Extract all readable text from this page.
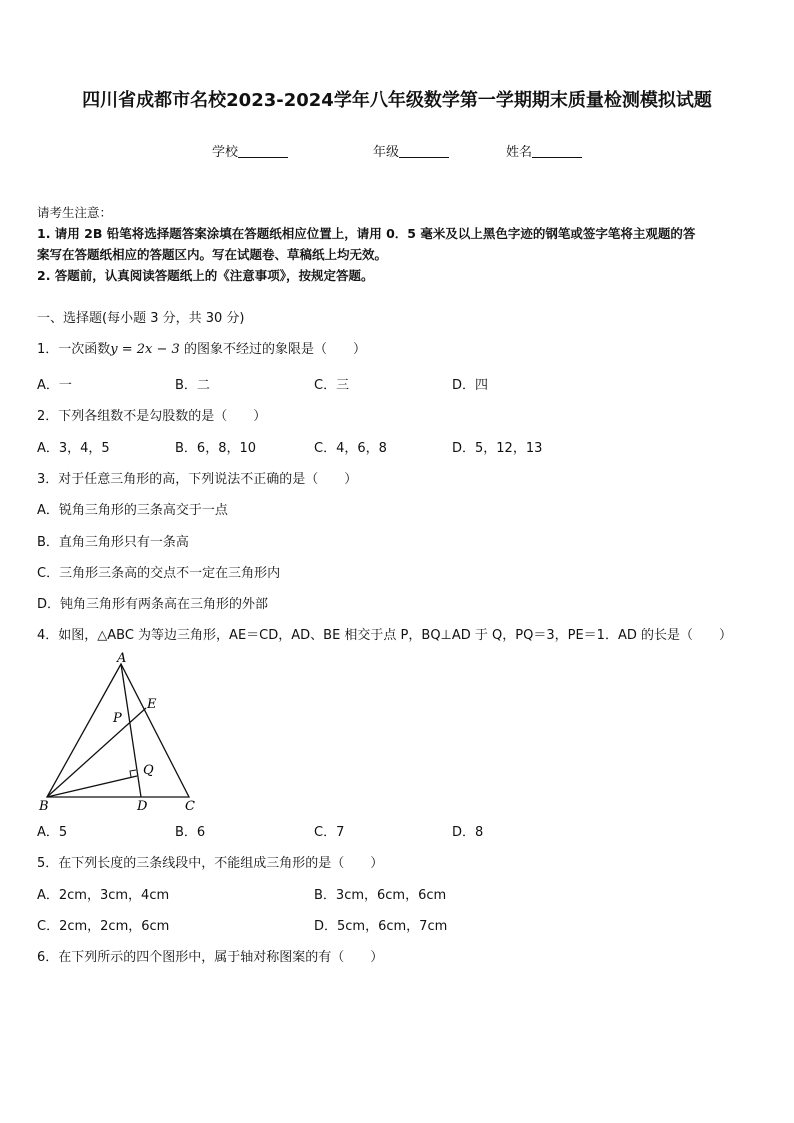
四川省成都市名校2023-2024学年八年级数学第一学期期末质量检测模拟试题
学校	年级	姓名
请考生注意：
1. 请用 2B 铅笔将选择题答案涂填在答题纸相应位置上，请用 0．5 毫米及以上黑色字迹的钢笔或签字笔将主观题的答
案写在答题纸相应的答题区内。写在试题卷、草稿纸上均无效。
2. 答题前，认真阅读答题纸上的《注意事项》，按规定答题。
一、选择题(每小题 3 分，共 30 分)
1．一次函数y = 2x − 3 的图象不经过的象限是（　　）
A．一	B．二	C．三	D．四
2．下列各组数不是勾股数的是（　　）
A．3，4，5	B．6，8，10	C．4，6，8	D．5，12，13
3．对于任意三角形的高，下列说法不正确的是（　　）
A．锐角三角形的三条高交于一点
B．直角三角形只有一条高
C．三角形三条高的交点不一定在三角形内
D．钝角三角形有两条高在三角形的外部
4．如图，△ABC 为等边三角形，AE＝CD，AD、BE 相交于点 P，BQ⊥AD 于 Q，PQ＝3，PE＝1．AD 的长是（　　）
A
B	C
D
E
P
Q
A．5	B．6	C．7	D．8
5．在下列长度的三条线段中，不能组成三角形的是（　　）
A．2cm，3cm，4cm	B．3cm，6cm，6cm
C．2cm，2cm，6cm	D．5cm，6cm，7cm
6．在下列所示的四个图形中，属于轴对称图案的有（　　）
